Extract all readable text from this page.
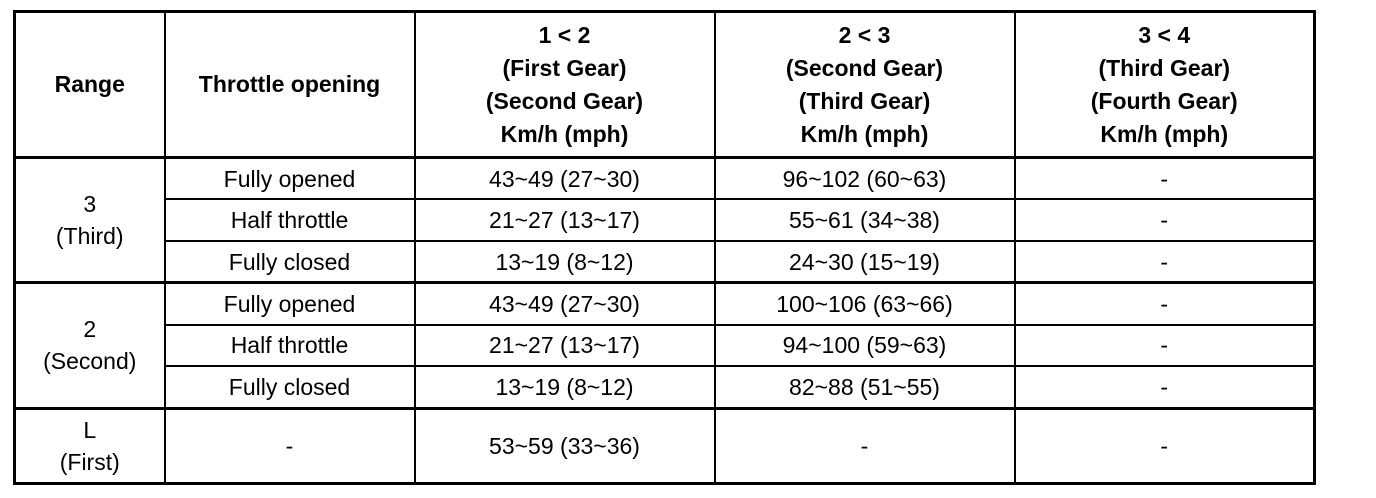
Range	Throttle opening	1 < 2
(First Gear)
(Second Gear)
Km/h (mph)	2 < 3
(Second Gear)
(Third Gear)
Km/h (mph)	3 < 4
(Third Gear)
(Fourth Gear)
Km/h (mph)

3
(Third)	Fully opened	43~49 (27~30)	96~102 (60~63)	-
	Half throttle	21~27 (13~17)	55~61 (34~38)	-
	Fully closed	13~19 (8~12)	24~30 (15~19)	-

2
(Second)	Fully opened	43~49 (27~30)	100~106 (63~66)	-
	Half throttle	21~27 (13~17)	94~100 (59~63)	-
	Fully closed	13~19 (8~12)	82~88 (51~55)	-

L
(First)	-	53~59 (33~36)	-	-
